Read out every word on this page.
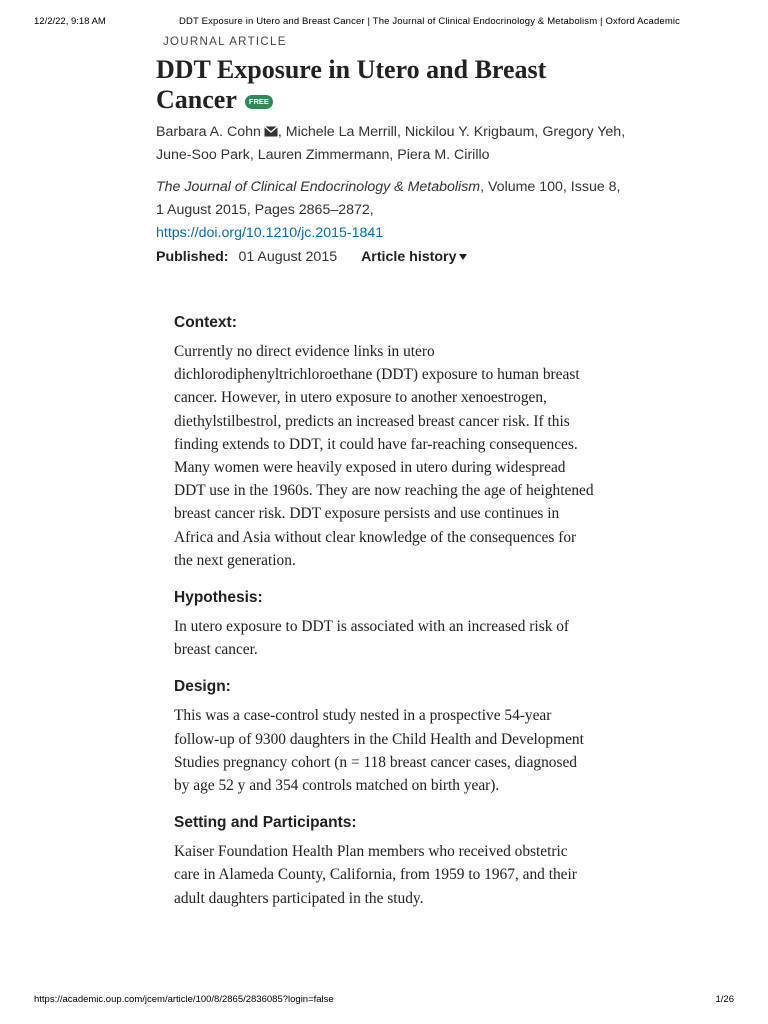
12/2/22, 9:18 AM	DDT Exposure in Utero and Breast Cancer | The Journal of Clinical Endocrinology & Metabolism | Oxford Academic
JOURNAL ARTICLE
DDT Exposure in Utero and Breast Cancer FREE
Barbara A. Cohn , Michele La Merrill, Nickilou Y. Krigbaum, Gregory Yeh, June-Soo Park, Lauren Zimmermann, Piera M. Cirillo
The Journal of Clinical Endocrinology & Metabolism, Volume 100, Issue 8, 1 August 2015, Pages 2865–2872,
https://doi.org/10.1210/jc.2015-1841
Published: 01 August 2015 Article history
Context:

Currently no direct evidence links in utero dichlorodiphenyltrichloroethane (DDT) exposure to human breast cancer. However, in utero exposure to another xenoestrogen, diethylstilbestrol, predicts an increased breast cancer risk. If this finding extends to DDT, it could have far-reaching consequences. Many women were heavily exposed in utero during widespread DDT use in the 1960s. They are now reaching the age of heightened breast cancer risk. DDT exposure persists and use continues in Africa and Asia without clear knowledge of the consequences for the next generation.

Hypothesis:

In utero exposure to DDT is associated with an increased risk of breast cancer.

Design:

This was a case-control study nested in a prospective 54-year follow-up of 9300 daughters in the Child Health and Development Studies pregnancy cohort (n = 118 breast cancer cases, diagnosed by age 52 y and 354 controls matched on birth year).

Setting and Participants:

Kaiser Foundation Health Plan members who received obstetric care in Alameda County, California, from 1959 to 1967, and their adult daughters participated in the study.

https://academic.oup.com/jcem/article/100/8/2865/2836085?login=false	1/26
